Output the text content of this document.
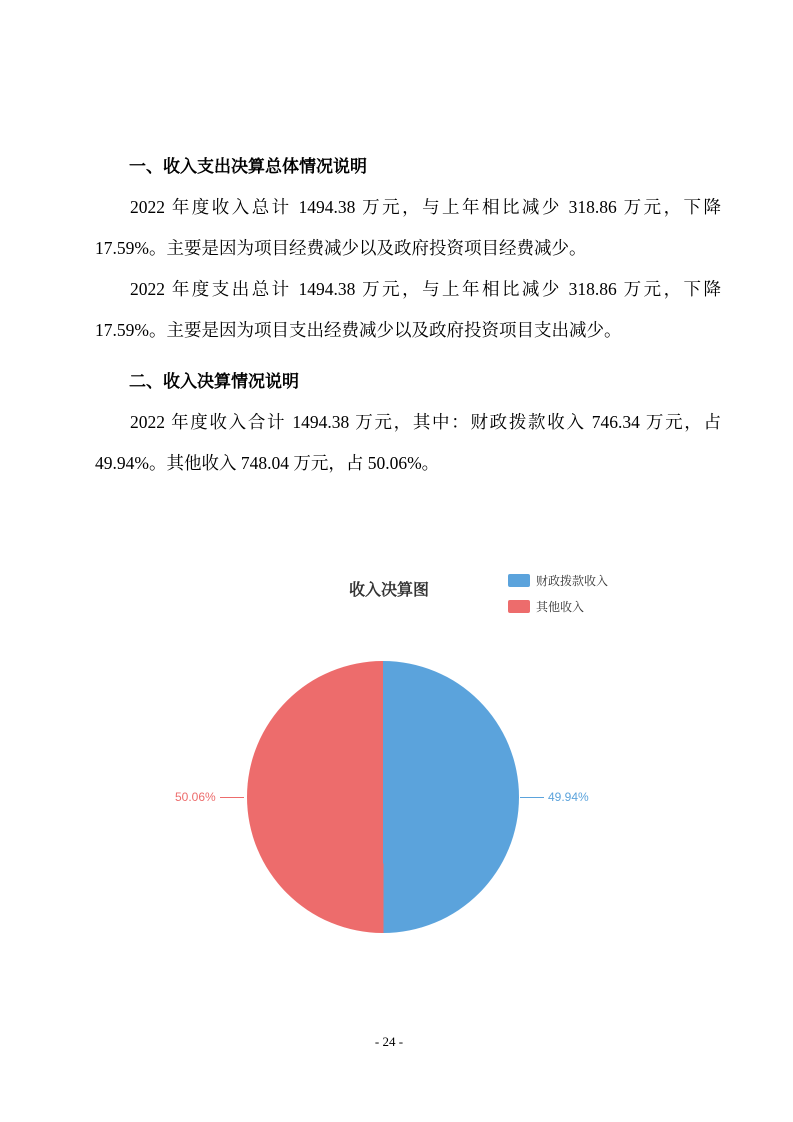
一、收入支出决算总体情况说明

2022 年度收入总计 1494.38 万元，与上年相比减少 318.86 万元，下降 17.59%。主要是因为项目经费减少以及政府投资项目经费减少。

2022 年度支出总计 1494.38 万元，与上年相比减少 318.86 万元，下降 17.59%。主要是因为项目支出经费减少以及政府投资项目支出减少。

二、收入决算情况说明

2022 年度收入合计 1494.38 万元，其中：财政拨款收入 746.34 万元，占 49.94%。其他收入 748.04 万元，占 50.06%。

收入决算图
财政拨款收入
其他收入
50.06%	49.94%
- 24 -
